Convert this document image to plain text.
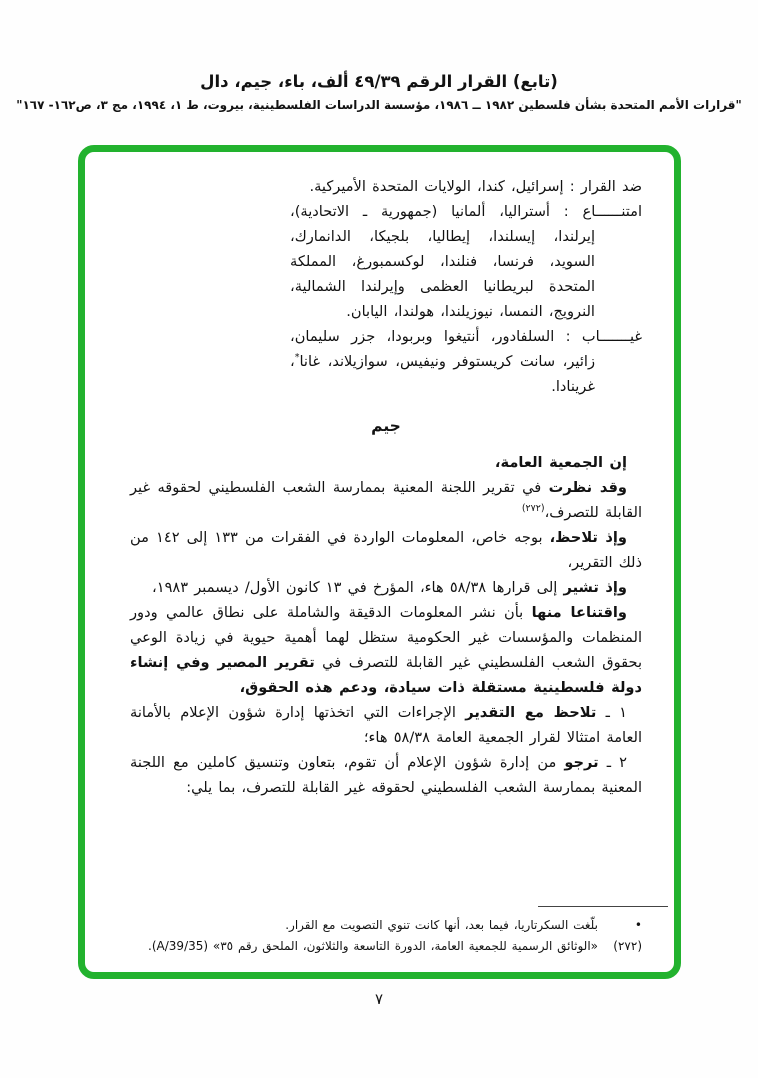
(تابع) القرار الرقم ٣٩‏/‏٤٩ ألف، باء، جيم، دال
"قرارات الأمم المتحدة بشأن فلسطين ١٩٨٢ ــ ١٩٨٦، مؤسسة الدراسات الفلسطينية، بيروت، ط ١، ١٩٩٤، مج ٣، ص١٦٢- ١٦٧"
ضد القرار : إسرائيل، كندا، الولايات المتحدة الأميركية.
امتنــــــاع : أستراليا، ألمانيا (جمهورية ـ الاتحادية)، إيرلندا، إيسلندا، إيطاليا، بلجيكا، الدانمارك، السويد، فرنسا، فنلندا، لوكسمبورغ، المملكة المتحدة لبريطانيا العظمى وإيرلندا الشمالية، النرويج، النمسا، نيوزيلندا، هولندا، اليابان.
غيـــــــاب : السلفادور، أنتيغوا وبربودا، جزر سليمان، زائير، سانت كريستوفر ونيفيس، سوازيلاند، غانا*، غرينادا.
جيم

إن الجمعية العامة،

وقد نظرت في تقرير اللجنة المعنية بممارسة الشعب الفلسطيني لحقوقه غير القابلة للتصرف،$^{(٢٧٢)}$

وإذ تلاحظ، بوجه خاص، المعلومات الواردة في الفقرات من ١٣٣ إلى ١٤٢ من ذلك التقرير،

وإذ تشير إلى قرارها ٣٨‏/‏٥٨ هاء، المؤرخ في ١٣ كانون الأول/ ديسمبر ١٩٨٣،

واقتناعا منها بأن نشر المعلومات الدقيقة والشاملة على نطاق عالمي ودور المنظمات والمؤسسات غير الحكومية ستظل لهما أهمية حيوية في زيادة الوعي بحقوق الشعب الفلسطيني غير القابلة للتصرف في تقرير المصير وفي إنشاء دولة فلسطينية مستقلة ذات سيادة، ودعم هذه الحقوق،

١ ـ تلاحظ مع التقدير الإجراءات التي اتخذتها إدارة شؤون الإعلام بالأمانة العامة امتثالا لقرار الجمعية العامة ٣٨‏/‏٥٨ هاء؛

٢ ـ ترجو من إدارة شؤون الإعلام أن تقوم، بتعاون وتنسيق كاملين مع اللجنة المعنية بممارسة الشعب الفلسطيني لحقوقه غير القابلة للتصرف، بما يلي:

•
بلّغت السكرتاريا، فيما بعد، أنها كانت تنوي التصويت مع القرار.
(٢٧٢)
«الوثائق الرسمية للجمعية العامة، الدورة التاسعة والثلاثون، الملحق رقم ٣٥» (A/39/35).
٧
